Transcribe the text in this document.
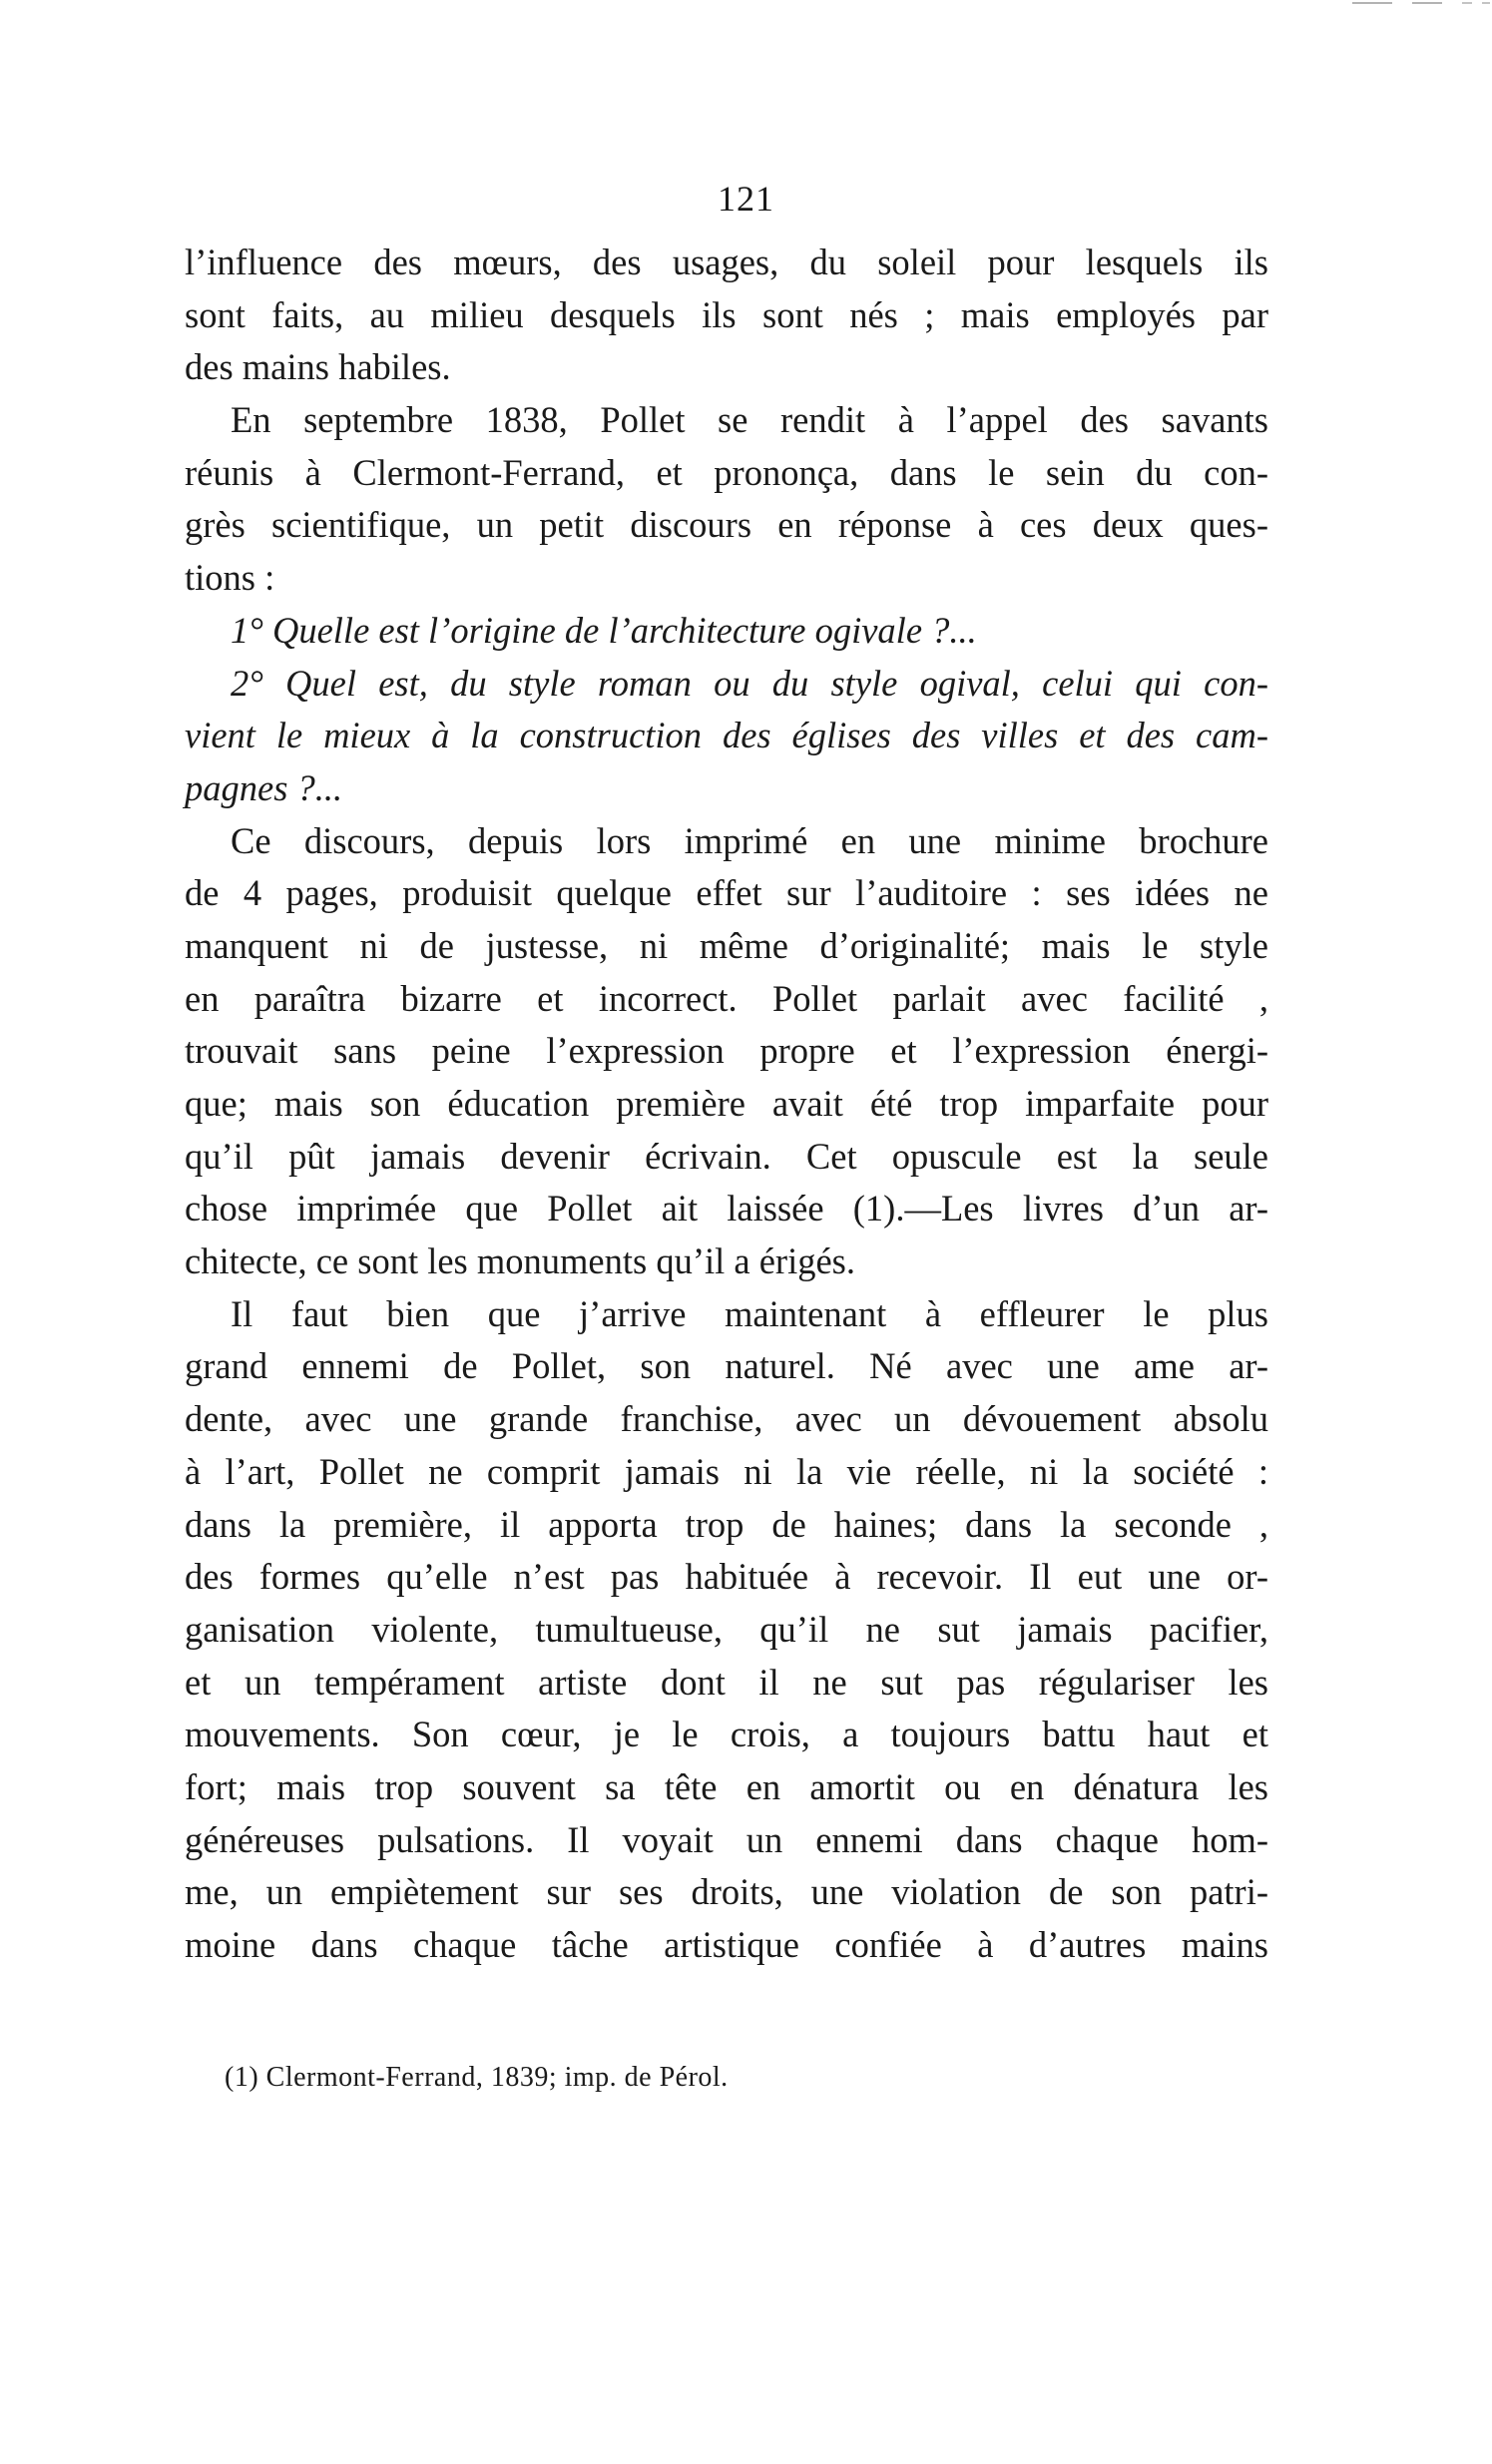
121
l’influence des mœurs, des usages, du soleil pour lesquels ils
sont faits, au milieu desquels ils sont nés ; mais employés par
des mains habiles.
En septembre 1838, Pollet se rendit à l’appel des savants
réunis à Clermont-Ferrand, et prononça, dans le sein du con-
grès scientifique, un petit discours en réponse à ces deux ques-
tions :
1° Quelle est l’origine de l’architecture ogivale ?...
2° Quel est, du style roman ou du style ogival, celui qui con-
vient le mieux à la construction des églises des villes et des cam-
pagnes ?...
Ce discours, depuis lors imprimé en une minime brochure
de 4 pages, produisit quelque effet sur l’auditoire : ses idées ne
manquent ni de justesse, ni même d’originalité; mais le style
en paraîtra bizarre et incorrect. Pollet parlait avec facilité ,
trouvait sans peine l’expression propre et l’expression énergi-
que; mais son éducation première avait été trop imparfaite pour
qu’il pût jamais devenir écrivain. Cet opuscule est la seule
chose imprimée que Pollet ait laissée (1).—Les livres d’un ar-
chitecte, ce sont les monuments qu’il a érigés.
Il faut bien que j’arrive maintenant à effleurer le plus
grand ennemi de Pollet, son naturel. Né avec une ame ar-
dente, avec une grande franchise, avec un dévouement absolu
à l’art, Pollet ne comprit jamais ni la vie réelle, ni la société :
dans la première, il apporta trop de haines; dans la seconde ,
des formes qu’elle n’est pas habituée à recevoir. Il eut une or-
ganisation violente, tumultueuse, qu’il ne sut jamais pacifier,
et un tempérament artiste dont il ne sut pas régulariser les
mouvements. Son cœur, je le crois, a toujours battu haut et
fort; mais trop souvent sa tête en amortit ou en dénatura les
généreuses pulsations. Il voyait un ennemi dans chaque hom-
me, un empiètement sur ses droits, une violation de son patri-
moine dans chaque tâche artistique confiée à d’autres mains
(1) Clermont-Ferrand, 1839; imp. de Pérol.
